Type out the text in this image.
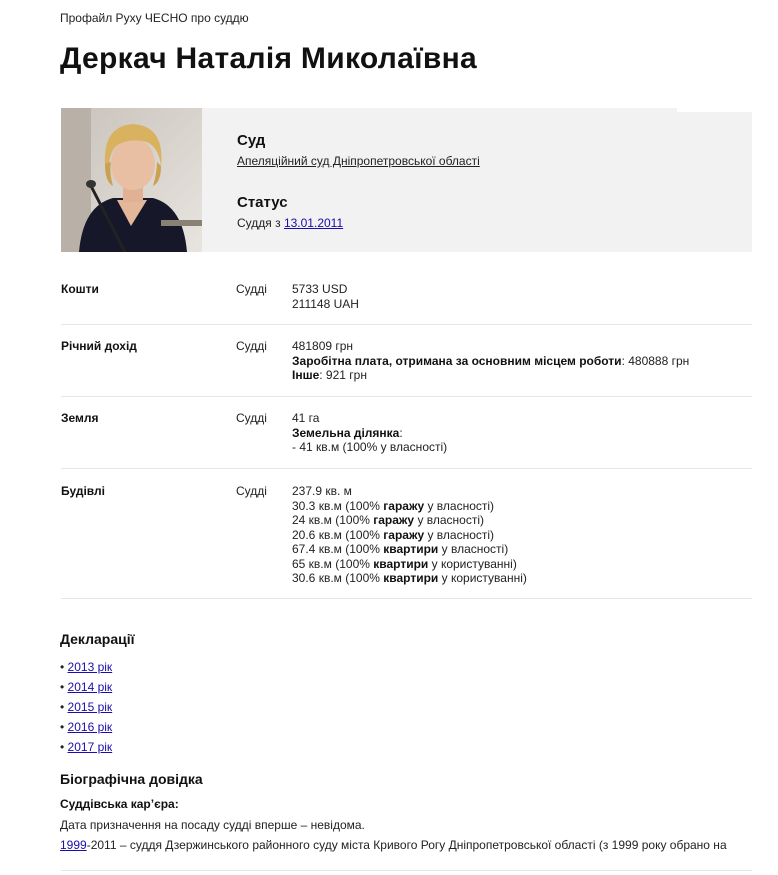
Профайл Руху ЧЕСНО про суддю
Деркач Наталія Миколаївна
Суд
Апеляційний суд Дніпропетровської області
Статус
Суддя з 13.01.2011
Кошти	Судді 5733 USD
211148 UAH
Річний дохід	Судді 481809 грн
Заробітна плата, отримана за основним місцем роботи: 480888 грн
Інше: 921 грн
Земля	Судді 41 га
Земельна ділянка:
- 41 кв.м (100% у власності)
Будівлі	Судді 237.9 кв. м
30.3 кв.м (100% гаражу у власності)
24 кв.м (100% гаражу у власності)
20.6 кв.м (100% гаражу у власності)
67.4 кв.м (100% квартири у власності)
65 кв.м (100% квартири у користуванні)
30.6 кв.м (100% квартири у користуванні)
Декларації
• 2013 рік
• 2014 рік
• 2015 рік
• 2016 рік
• 2017 рік
Біографічна довідка
Суддівська кар’єра:
Дата призначення на посаду судді вперше – невідома.
1999-2011 – суддя Дзержинського районного суду міста Кривого Рогу Дніпропетровської області (з 1999 року обрано на
